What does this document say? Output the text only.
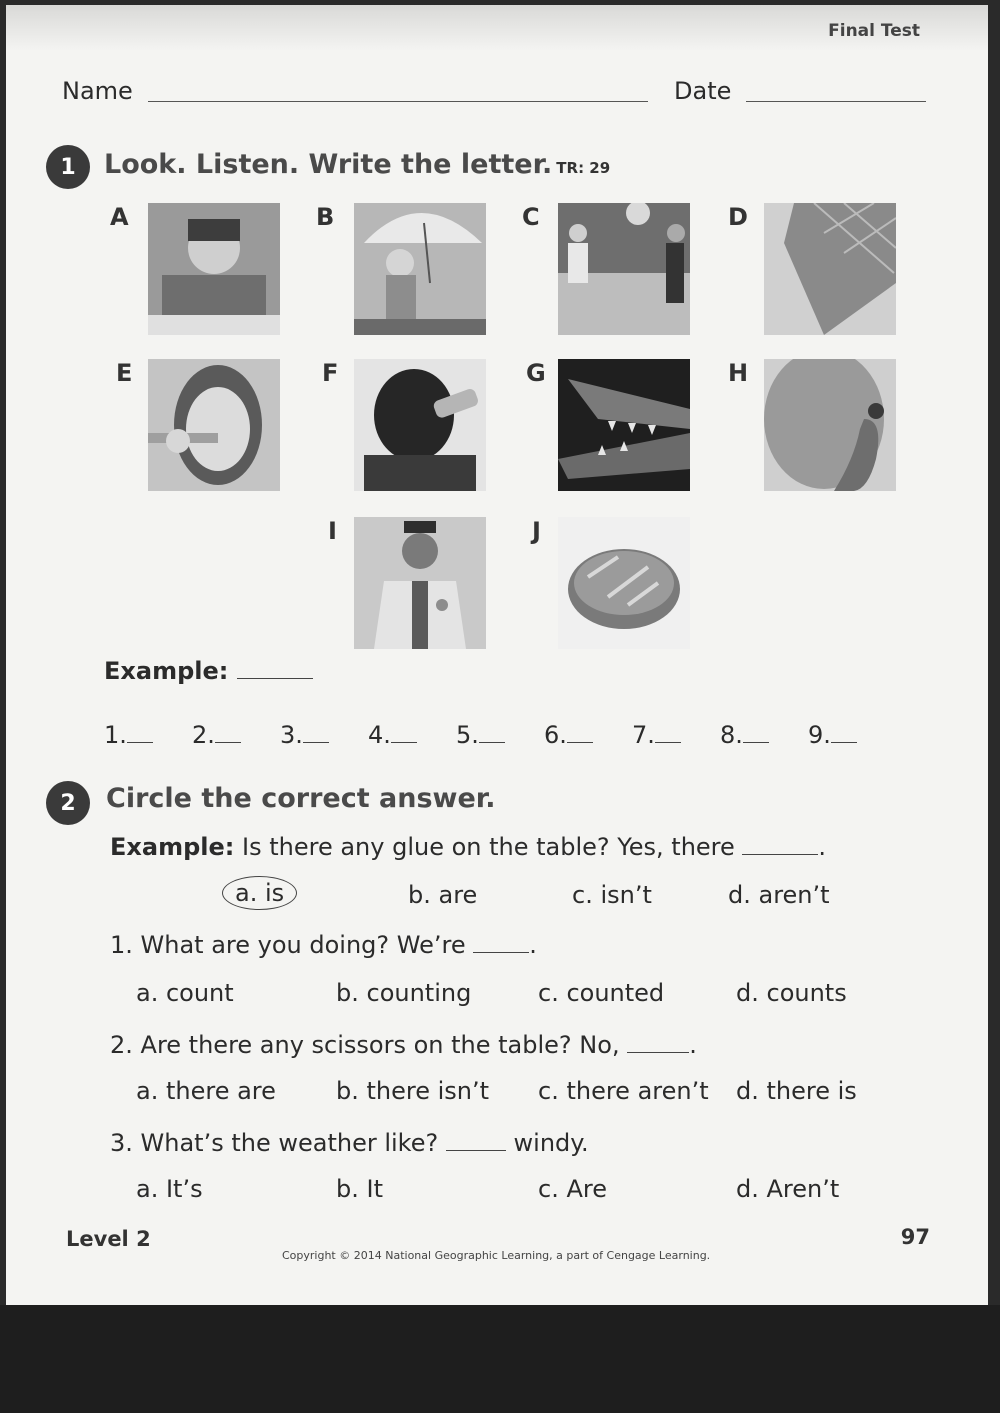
Final Test
Name	Date
1	Look. Listen. Write the letter. TR: 29
A	B	C	D
E	F	G	H
I	J
Example:
1.	2.	3.	4.	5.	6.	7.	8.	9.
2	Circle the correct answer.
Example: Is there any glue on the table? Yes, there	.
a. is	b. are	c. isn’t	d. aren’t
1. What are you doing? We’re	.
a. count	b. counting	c. counted	d. counts
2. Are there any scissors on the table? No,	.
a. there are	b. there isn’t c. there aren’t d. there is
3. What’s the weather like?	windy.
a. It’s	b. It	c. Are	d. Aren’t
Level 2	97
Copyright © 2014 National Geographic Learning, a part of Cengage Learning.
